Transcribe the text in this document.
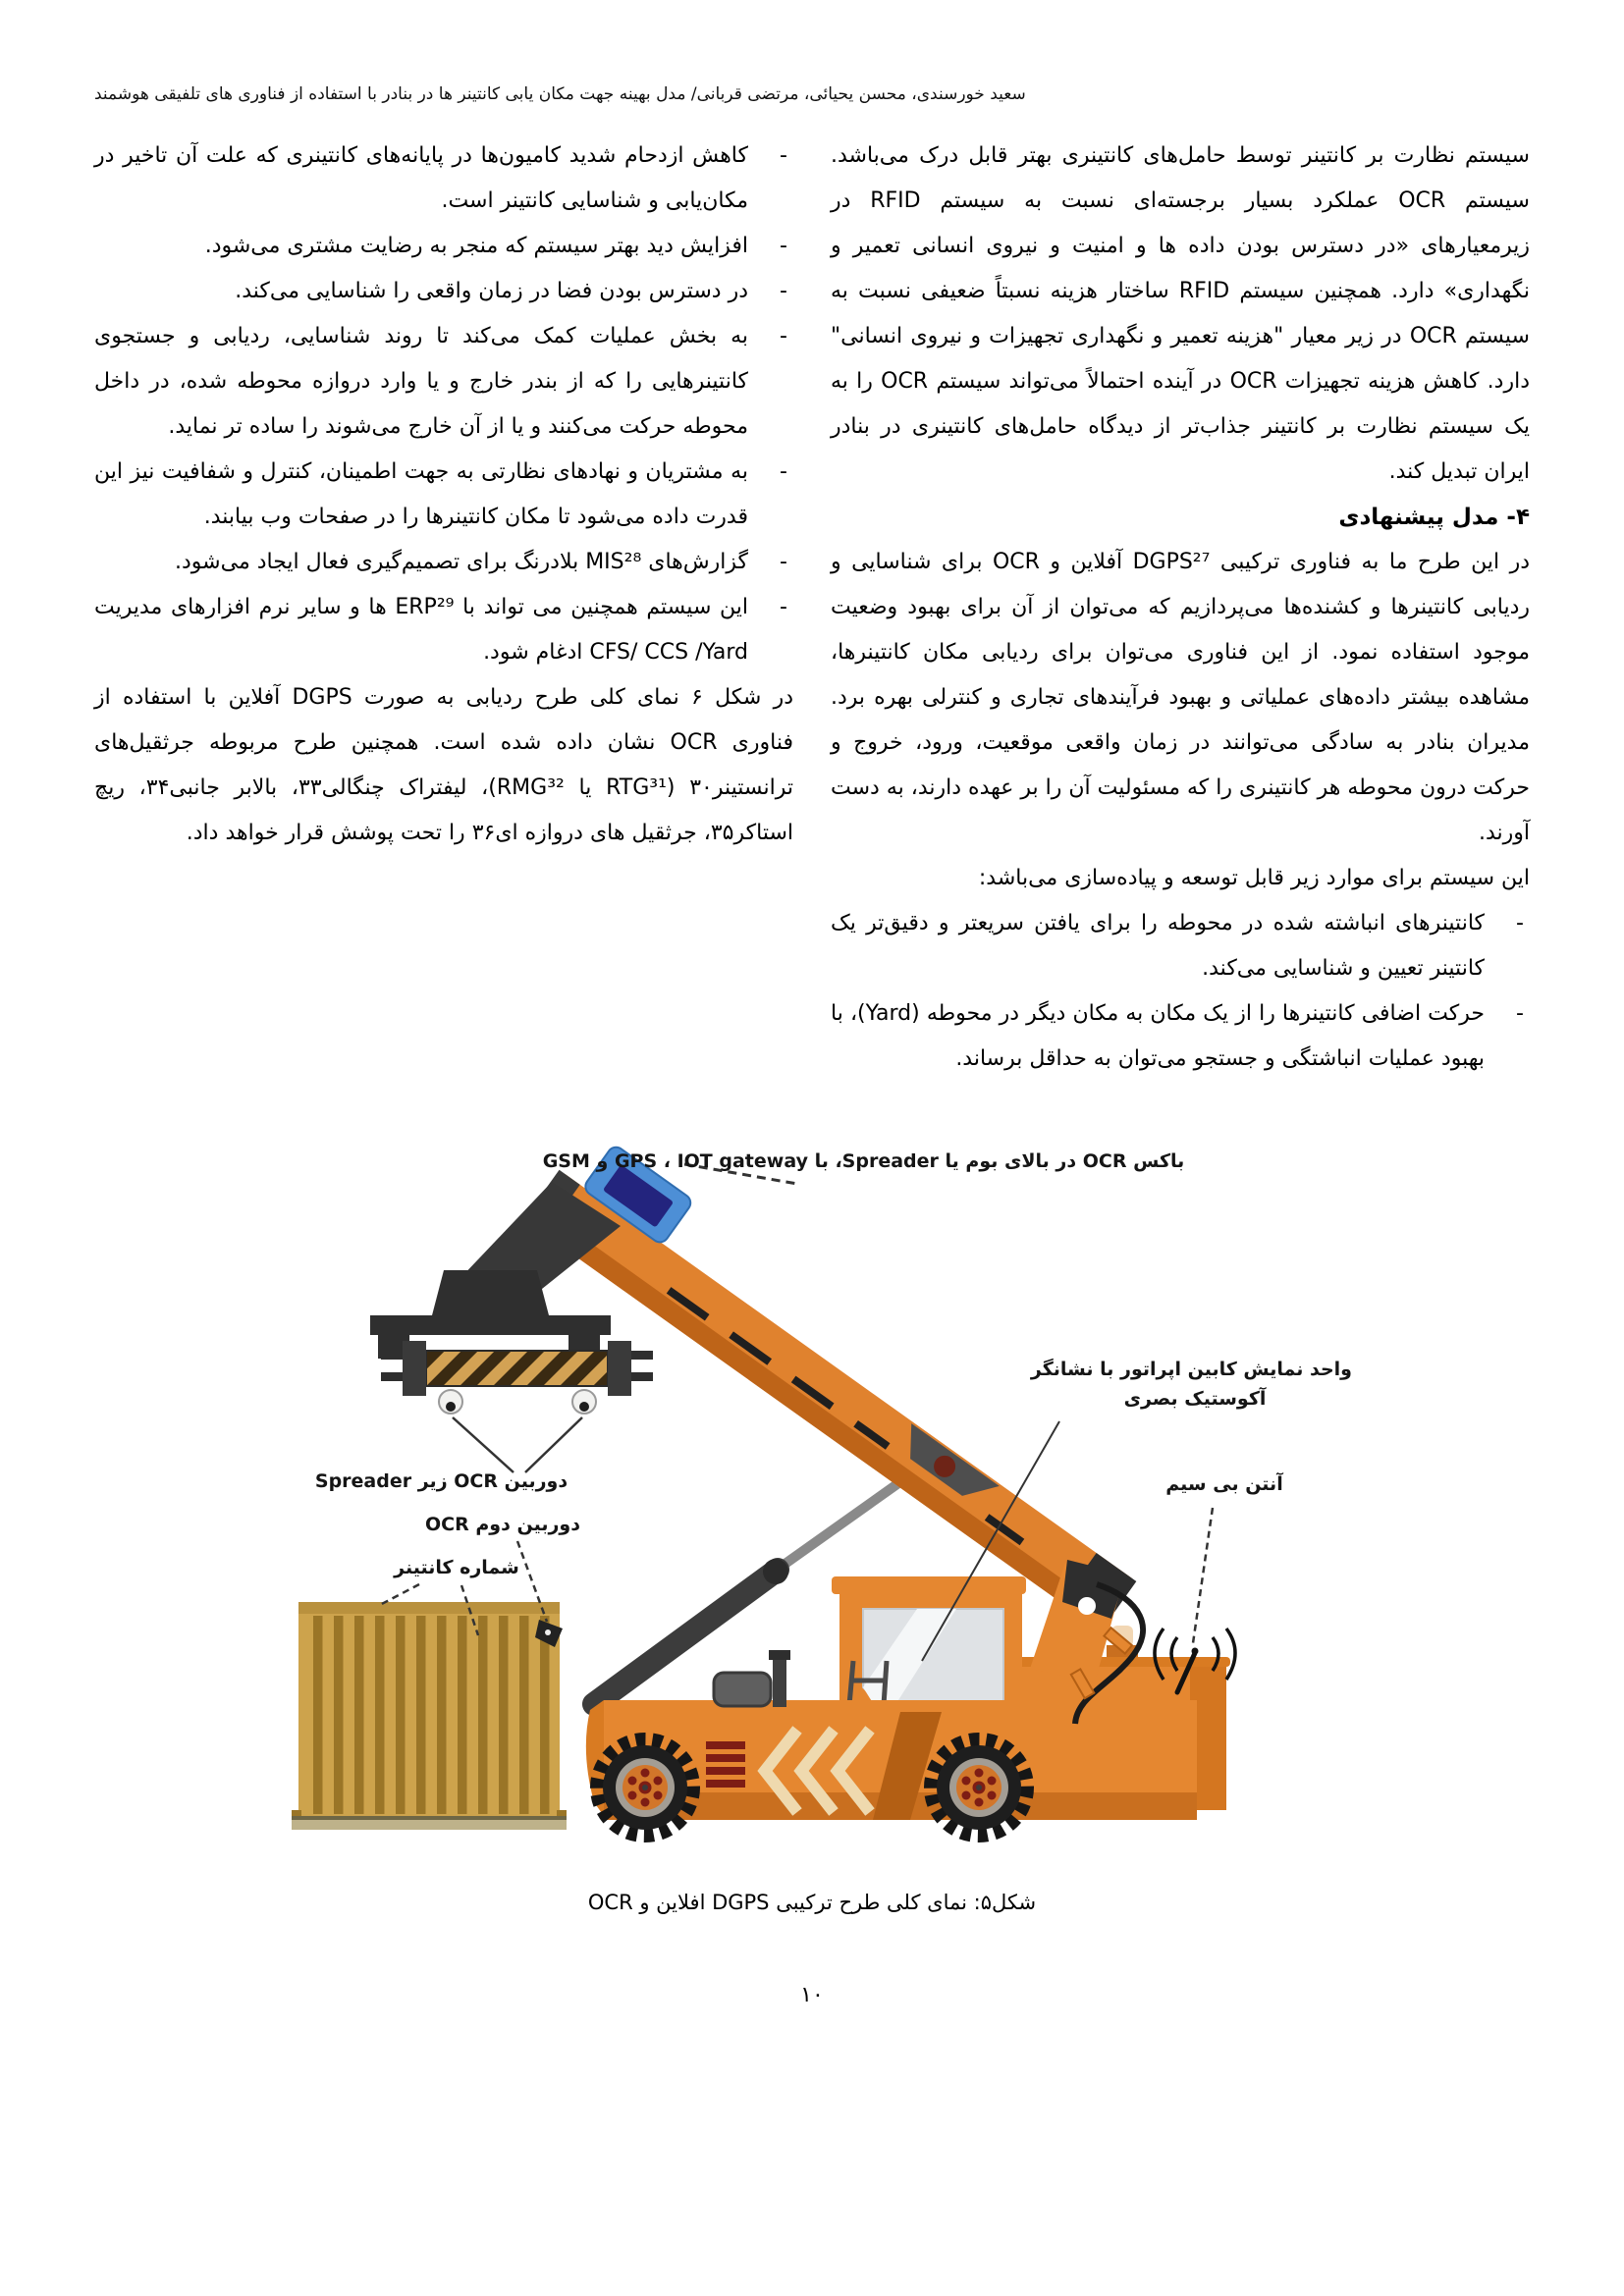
سعید خورسندی، محسن یحیائی، مرتضی قربانی/ مدل بهینه جهت مکان یابی کانتینر ها در بنادر با استفاده از فناوری های تلفیقی هوشمند

سیستم نظارت بر کانتینر توسط حامل‌های کانتینری بهتر قابل درک می‌باشد. سیستم OCR عملکرد بسیار برجسته‌ای نسبت به سیستم RFID در زیرمعیارهای «در دسترس بودن داده ها و امنیت و نیروی انسانی تعمیر و نگهداری» دارد. همچنین سیستم RFID ساختار هزینه نسبتاً ضعیفی نسبت به سیستم OCR در زیر معیار "هزینه تعمیر و نگهداری تجهیزات و نیروی انسانی" دارد. کاهش هزینه تجهیزات OCR در آینده احتمالاً می‌تواند سیستم OCR را به یک سیستم نظارت بر کانتینر جذاب‌تر از دیدگاه حامل‌های کانتینری در بنادر ایران تبدیل کند.

۴- مدل پیشنهادی

در این طرح ما به فناوری ترکیبی DGPS²⁷ آفلاین و OCR برای شناسایی و ردیابی کانتینرها و کشنده‌ها می‌پردازیم که می‌توان از آن برای بهبود وضعیت موجود استفاده نمود. از این فناوری می‌توان برای ردیابی مکان کانتینرها، مشاهده بیشتر داده‌های عملیاتی و بهبود فرآیندهای تجاری و کنترلی بهره برد. مدیران بنادر به سادگی می‌توانند در زمان واقعی موقعیت، ورود، خروج و حرکت درون محوطه هر کانتینری را که مسئولیت آن را بر عهده دارند، به دست آورند.

این سیستم برای موارد زیر قابل توسعه و پیاده‌سازی می‌باشد:

-
کانتینرهای انباشته شده در محوطه را برای یافتن سریعتر و دقیق‌تر یک کانتینر تعیین و شناسایی می‌کند.
-
حرکت اضافی کانتینرها را از یک مکان به مکان دیگر در محوطه (Yard)، با بهبود عملیات انباشتگی و جستجو می‌توان به حداقل برساند.
-
کاهش ازدحام شدید کامیون‌ها در پایانه‌های کانتینری که علت آن تاخیر در مکان‌یابی و شناسایی کانتینر است.
-
افزایش دید بهتر سیستم که منجر به رضایت مشتری می‌شود.
-
در دسترس بودن فضا در زمان واقعی را شناسایی می‌کند.
-
به بخش عملیات کمک می‌کند تا روند شناسایی، ردیابی و جستجوی کانتینرهایی را که از بندر خارج و یا وارد دروازه محوطه شده، در داخل محوطه حرکت می‌کنند و یا از آن خارج می‌شوند را ساده تر نماید.
-
به مشتریان و نهادهای نظارتی به جهت اطمینان، کنترل و شفافیت نیز این قدرت داده می‌شود تا مکان کانتینرها را در صفحات وب بیابند.
-
گزارش‌های MIS²⁸ بلادرنگ برای تصمیم‌گیری فعال ایجاد می‌شود.
-
این سیستم همچنین می تواند با ERP²⁹ ها و سایر نرم افزارهای مدیریت CFS/ CCS /Yard ادغام شود.

در شکل ۶ نمای کلی طرح ردیابی به صورت DGPS آفلاین با استفاده از فناوری OCR نشان داده شده است. همچنین طرح مربوطه جرثقیل‌های ترانستینر۳۰ (RTG³¹ یا RMG³²)، لیفتراک چنگالی۳۳، بالابر جانبی۳۴، ریچ استاکر۳۵، جرثقیل های دروازه ای۳۶ را تحت پوشش قرار خواهد داد.

باکس OCR در بالای بوم یا Spreader، با GPS ، IOT gateway و GSM
واحد نمایش کابین اپراتور با نشانگر
آکوستیک بصری
آنتن بی سیم
دوربین OCR زیر Spreader
دوربین دوم OCR
شماره کانتینر
شکل۵: نمای کلی طرح ترکیبی DGPS افلاین و OCR
۱۰
